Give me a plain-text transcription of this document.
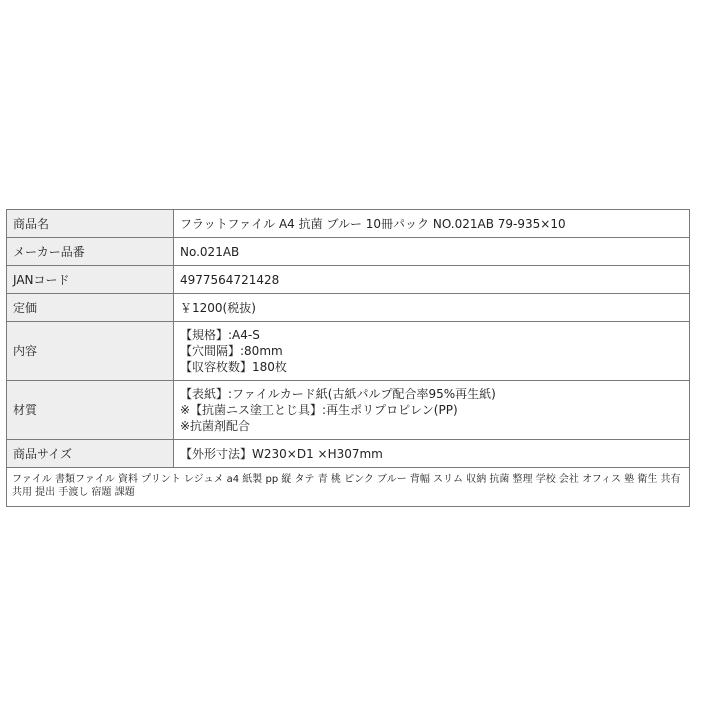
商品名	フラットファイル A4 抗菌 ブルー 10冊パック NO.021AB 79-935×10

メーカー品番	No.021AB

JANコード	4977564721428

定価	￥1200(税抜)

内容	【規格】:A4-S
【穴間隔】:80mm
【収容枚数】180枚

材質	【表紙】:ファイルカード紙(古紙パルプ配合率95%再生紙)
※【抗菌ニス塗工とじ具】:再生ポリプロピレン(PP)
※抗菌剤配合

商品サイズ	【外形寸法】W230×D1 ×H307mm

ファイル 書類ファイル 資料 プリント レジュメ a4 紙製 pp 縦 タテ 青 桃 ピンク ブルー 背幅 スリム 収納 抗菌 整理 学校 会社 オフィス 塾 衛生 共有 共用 提出 手渡し 宿題 課題	
